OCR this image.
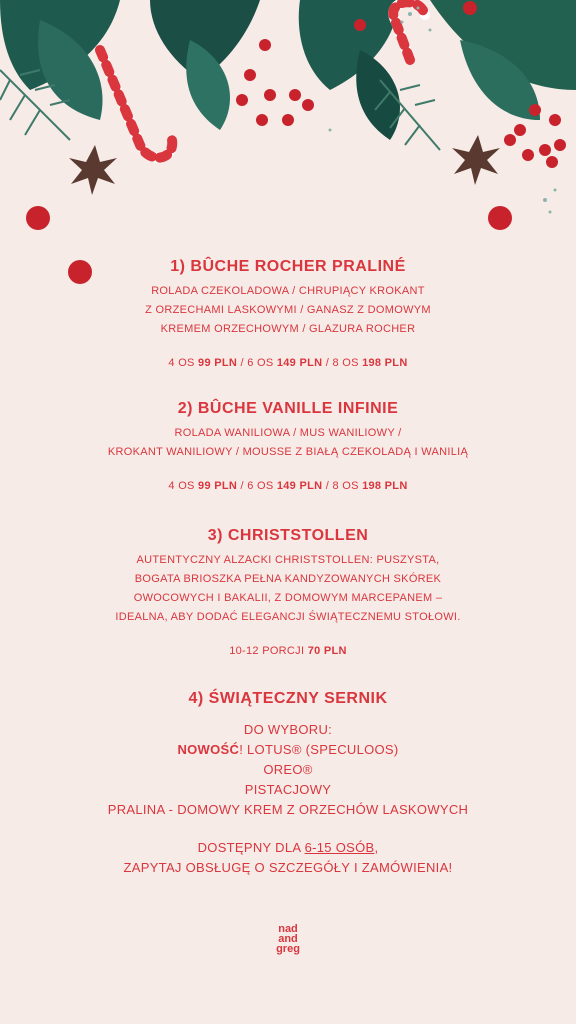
1) BÛCHE ROCHER PRALINÉ
ROLADA CZEKOLADOWA / CHRUPIĄCY KROKANT
Z ORZECHAMI LASKOWYMI / GANASZ Z DOMOWYM
KREMEM ORZECHOWYM / GLAZURA ROCHER
4 OS 99 PLN / 6 OS 149 PLN / 8 OS 198 PLN
2) BÛCHE VANILLE INFINIE
ROLADA WANILIOWA / MUS WANILIOWY /
KROKANT WANILIOWY / MOUSSE Z BIAŁĄ CZEKOLADĄ I WANILIĄ
4 OS 99 PLN / 6 OS 149 PLN / 8 OS 198 PLN
3) CHRISTSTOLLEN
AUTENTYCZNY ALZACKI CHRISTSTOLLEN: PUSZYSTA,
BOGATA BRIOSZKA PEŁNA KANDYZOWANYCH SKÓREK
OWOCOWYCH I BAKALII, Z DOMOWYM MARCEPANEM –
IDEALNA, ABY DODAĆ ELEGANCJI ŚWIĄTECZNEMU STOŁOWI.
10-12 PORCJI 70 PLN
4) ŚWIĄTECZNY SERNIK
DO WYBORU:
NOWOŚĆ! LOTUS® (SPECULOOS)
OREO®
PISTACJOWY
PRALINA - DOMOWY KREM Z ORZECHÓW LASKOWYCH
DOSTĘPNY DLA 6-15 OSÓB,
ZAPYTAJ OBSŁUGĘ O SZCZEGÓŁY I ZAMÓWIENIA!
nad
and
greg
